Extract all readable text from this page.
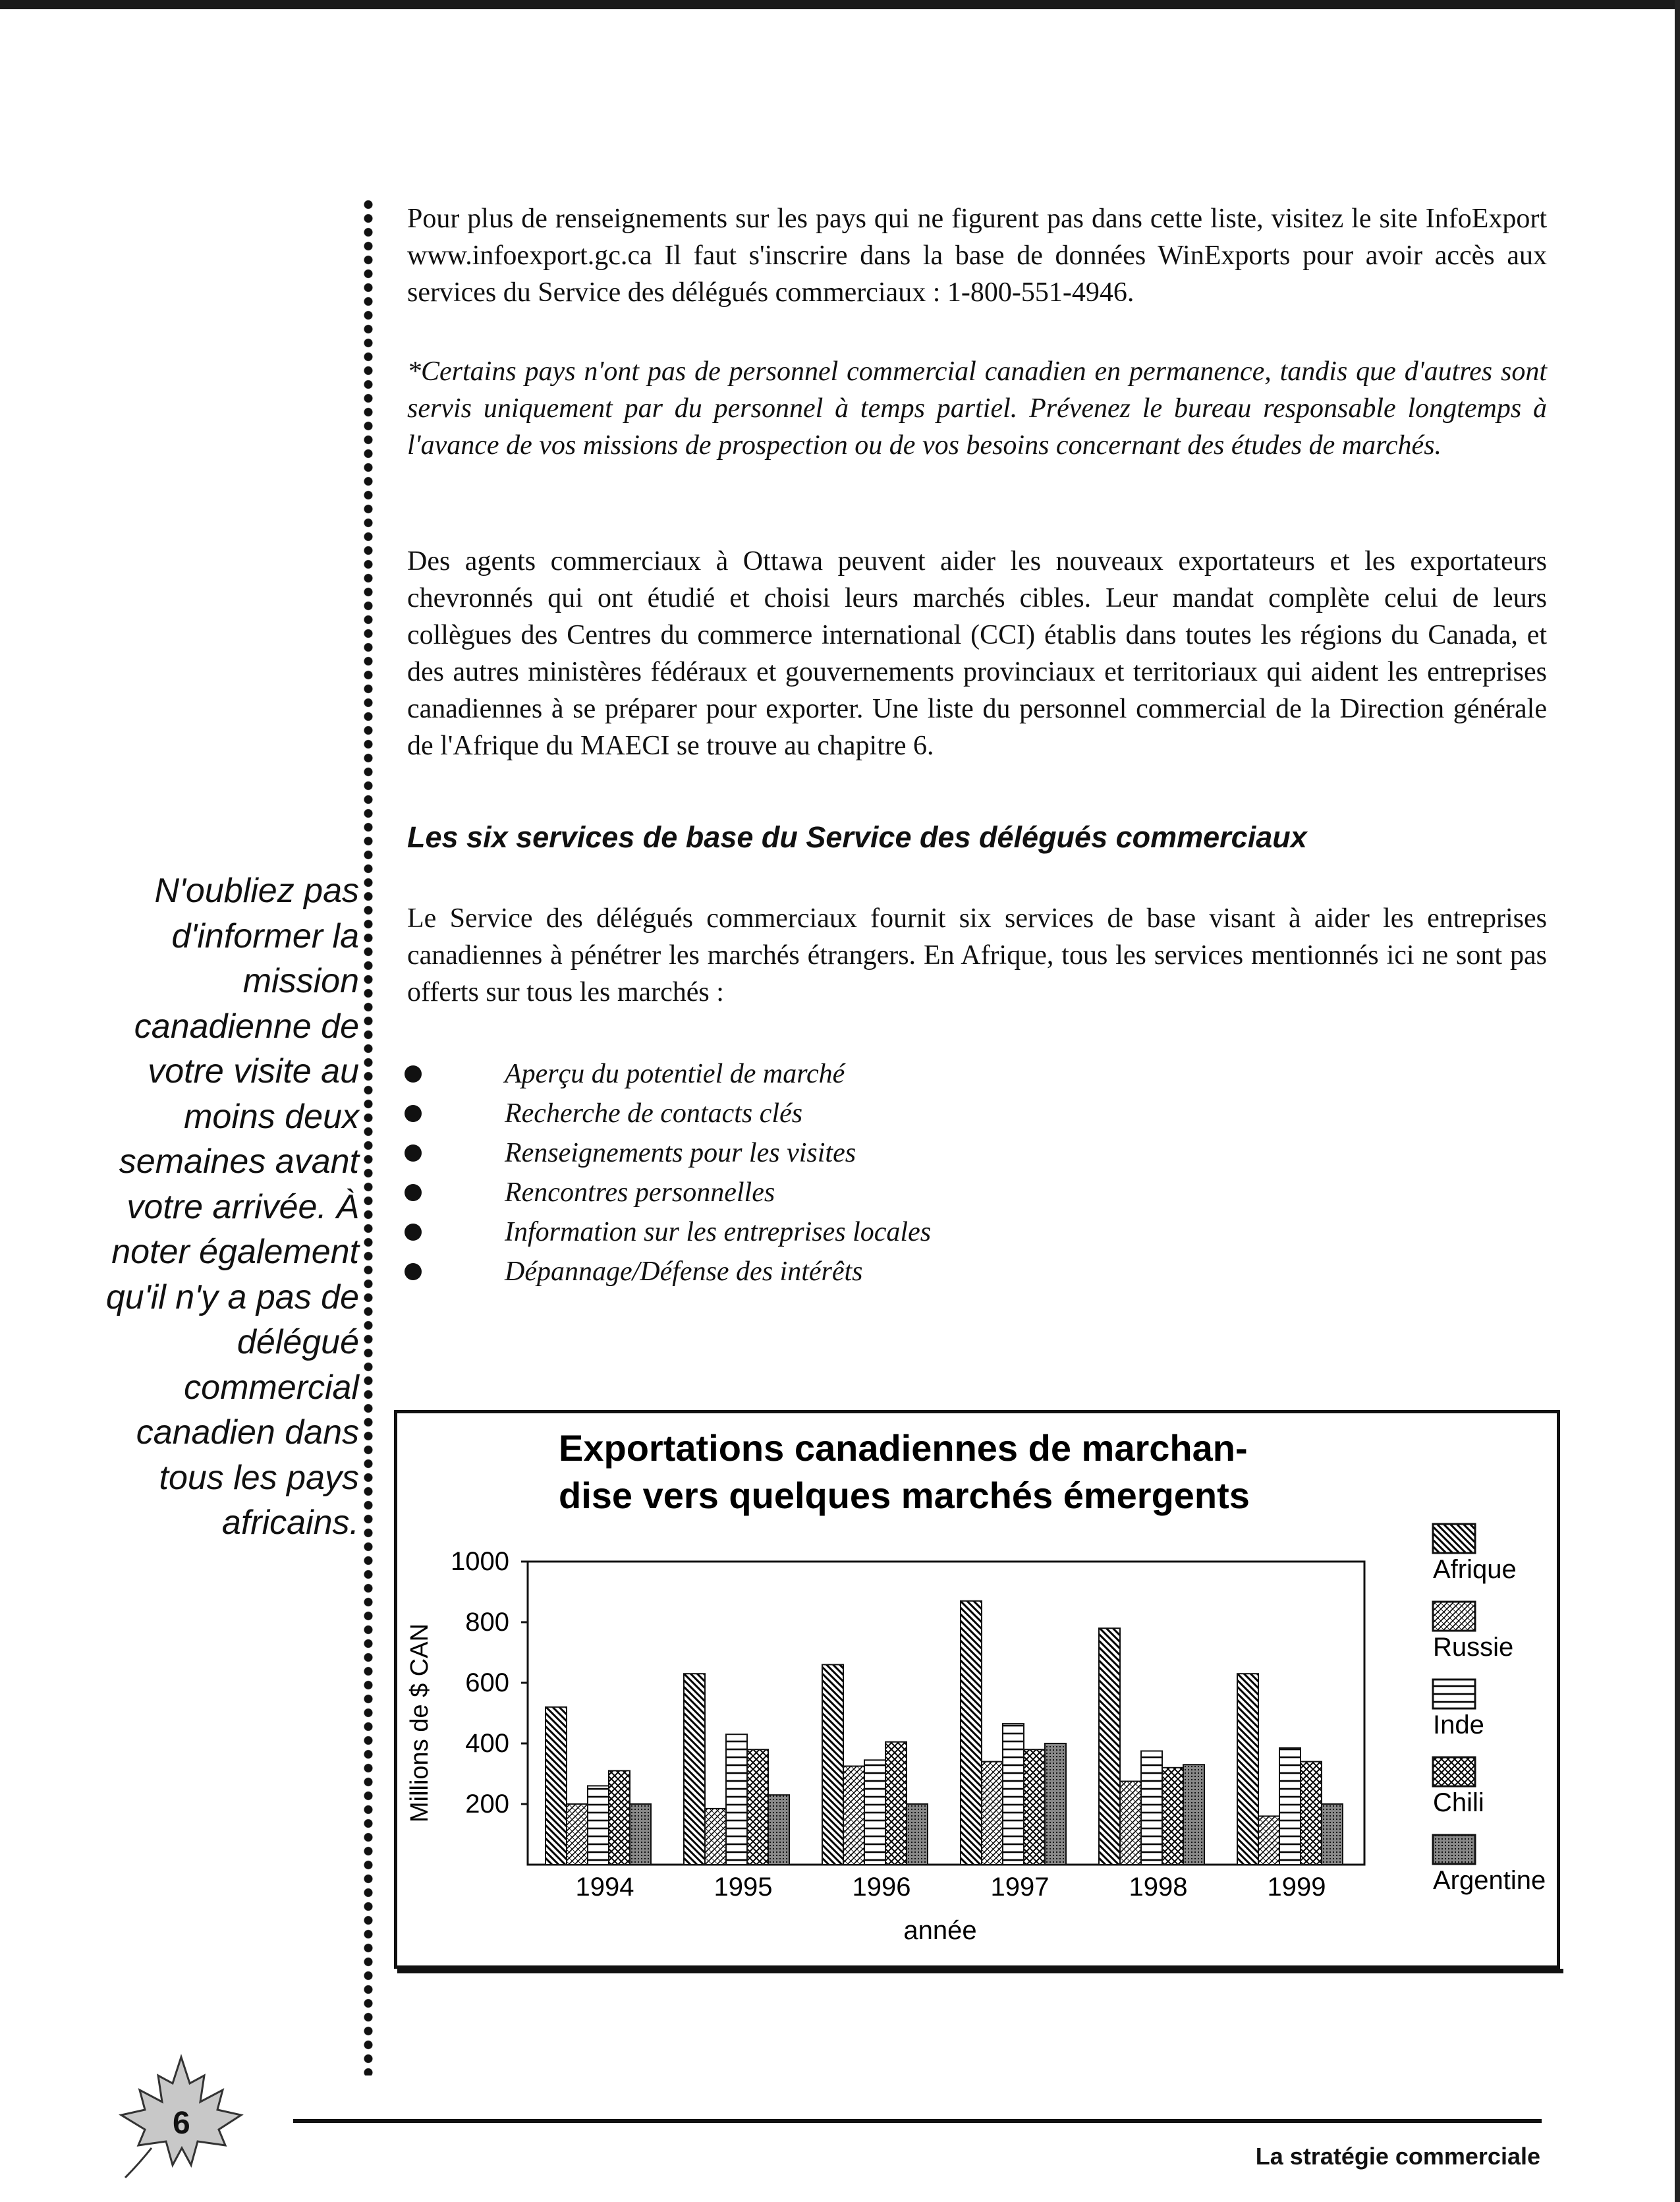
Pour plus de renseignements sur les pays qui ne figurent pas dans cette liste, visitez le site InfoExport www.infoexport.gc.ca Il faut s'inscrire dans la base de données WinExports pour avoir accès aux services du Service des délégués commerciaux : 1-800-551-4946.

*Certains pays n'ont pas de personnel commercial canadien en permanence, tandis que d'autres sont servis uniquement par du personnel à temps partiel. Prévenez le bureau responsable longtemps à l'avance de vos missions de prospection ou de vos besoins concernant des études de marchés.

Des agents commerciaux à Ottawa peuvent aider les nouveaux exportateurs et les exportateurs chevronnés qui ont étudié et choisi leurs marchés cibles. Leur mandat complète celui de leurs collègues des Centres du commerce international (CCI) établis dans toutes les régions du Canada, et des autres ministères fédéraux et gouvernements provinciaux et territoriaux qui aident les entreprises canadiennes à se préparer pour exporter. Une liste du personnel commercial de la Direction générale de l'Afrique du MAECI se trouve au chapitre 6.

Les six services de base du Service des délégués commerciaux

Le Service des délégués commerciaux fournit six services de base visant à aider les entreprises canadiennes à pénétrer les marchés étrangers. En Afrique, tous les services mentionnés ici ne sont pas offerts sur tous les marchés :

N'oubliez pas d'informer la mission canadienne de votre visite au moins deux semaines avant votre arrivée. À noter également qu'il n'y a pas de délégué commercial canadien dans tous les pays africains.

Aperçu du potentiel de marché
Recherche de contacts clés
Renseignements pour les visites
Rencontres personnelles
Information sur les entreprises locales
Dépannage/Défense des intérêts
Exportations canadiennes de marchan-
dise vers quelques marchés émergents
Millions de $ CAN
année
1000
800
600
400
200
1994	1995	1996	1997	1998	1999
Afrique
Russie
Inde
Chili
Argentine
6

La stratégie commerciale
